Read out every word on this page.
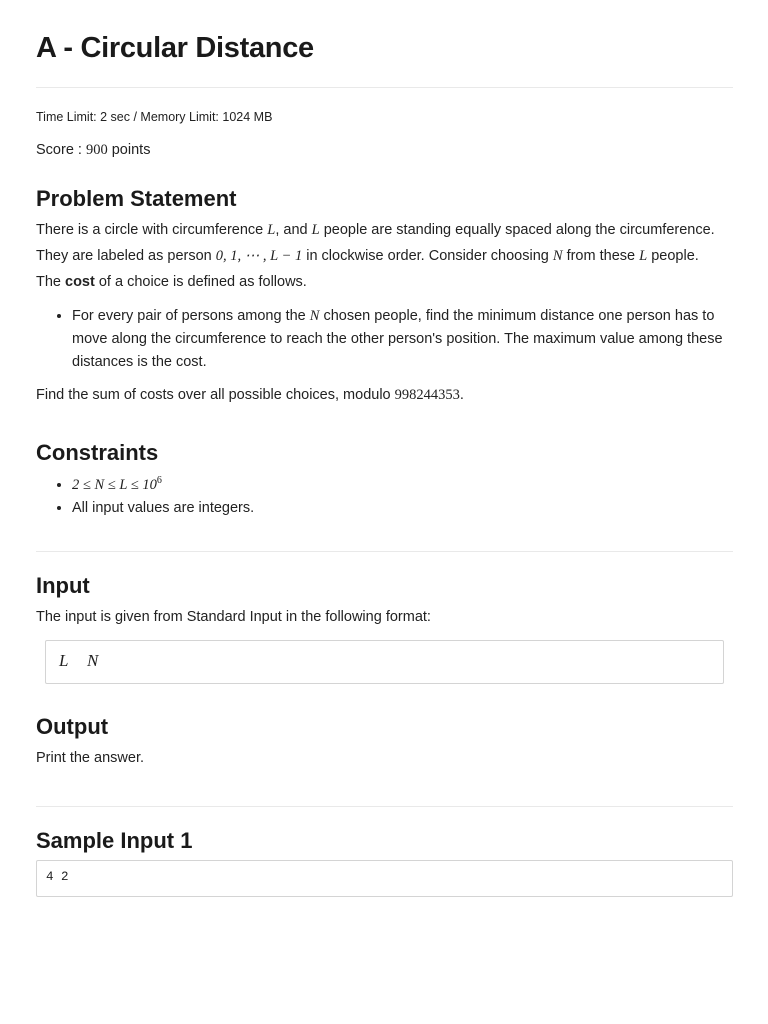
A - Circular Distance
Time Limit: 2 sec / Memory Limit: 1024 MB
Score : 900 points
Problem Statement
There is a circle with circumference L, and L people are standing equally spaced along the circumference.
They are labeled as person 0, 1, ⋯ , L − 1 in clockwise order. Consider choosing N from these L people.
The cost of a choice is defined as follows.
• For every pair of persons among the N chosen people, find the minimum distance one person has to move along the circumference to reach the other person's position. The maximum value among these distances is the cost.
Find the sum of costs over all possible choices, modulo 998244353.
Constraints
• $2 \le N \le L \le 10^6$
• All input values are integers.
Input
The input is given from Standard Input in the following format:
L N
Output
Print the answer.
Sample Input 1
4 2
